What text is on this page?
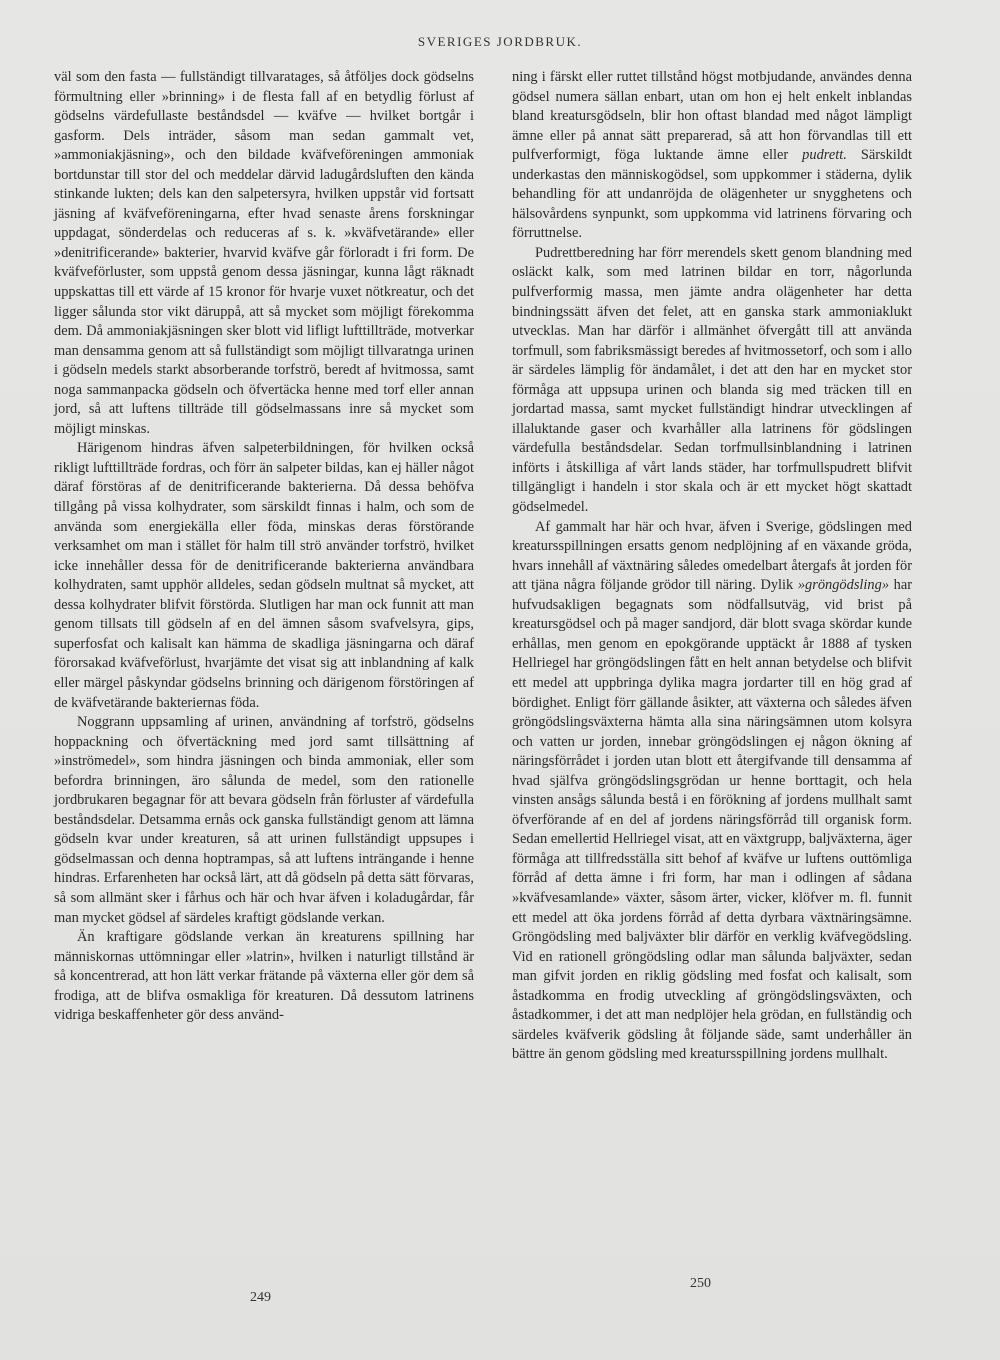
SVERIGES JORDBRUK.

väl som den fasta — fullständigt tillvaratages, så åtföljes dock gödselns förmultning eller »brinning» i de flesta fall af en betydlig förlust af gödselns värdefullaste beståndsdel — kväfve — hvilket bortgår i gasform. Dels inträder, såsom man sedan gammalt vet, »ammoniakjäsning», och den bildade kväfveföreningen ammoniak bortdunstar till stor del och meddelar därvid ladugårdsluften den kända stinkande lukten; dels kan den salpetersyra, hvilken uppstår vid fortsatt jäsning af kväfveföreningarna, efter hvad senaste årens forskningar uppdagat, sönderdelas och reduceras af s. k. »kväfvetärande» eller »denitrificerande» bakterier, hvarvid kväfve går förloradt i fri form. De kväfveförluster, som uppstå genom dessa jäsningar, kunna lågt räknadt uppskattas till ett värde af 15 kronor för hvarje vuxet nötkreatur, och det ligger sålunda stor vikt däruppå, att så mycket som möjligt förekomma dem. Då ammoniakjäsningen sker blott vid lifligt lufttillträde, motverkar man densamma genom att så fullständigt som möjligt tillvaratnga urinen i gödseln medels starkt absorberande torfströ, beredt af hvitmossa, samt noga sammanpacka gödseln och öfvertäcka henne med torf eller annan jord, så att luftens tillträde till gödselmassans inre så mycket som möjligt minskas.

Härigenom hindras äfven salpeterbildningen, för hvilken också rikligt lufttillträde fordras, och förr än salpeter bildas, kan ej häller något däraf förstöras af de denitrificerande bakterierna. Då dessa behöfva tillgång på vissa kolhydrater, som särskildt finnas i halm, och som de använda som energiekälla eller föda, minskas deras förstörande verksamhet om man i stället för halm till strö använder torfströ, hvilket icke innehåller dessa för de denitrificerande bakterierna användbara kolhydraten, samt upphör alldeles, sedan gödseln multnat så mycket, att dessa kolhydrater blifvit förstörda. Slutligen har man ock funnit att man genom tillsats till gödseln af en del ämnen såsom svafvelsyra, gips, superfosfat och kalisalt kan hämma de skadliga jäsningarna och däraf förorsakad kväfveförlust, hvarjämte det visat sig att inblandning af kalk eller märgel påskyndar gödselns brinning och därigenom förstöringen af de kväfvetärande bakteriernas föda.

Noggrann uppsamling af urinen, användning af torfströ, gödselns hoppackning och öfvertäckning med jord samt tillsättning af »inströmedel», som hindra jäsningen och binda ammoniak, eller som befordra brinningen, äro sålunda de medel, som den rationelle jordbrukaren begagnar för att bevara gödseln från förluster af värdefulla beståndsdelar. Detsamma ernås ock ganska fullständigt genom att lämna gödseln kvar under kreaturen, så att urinen fullständigt uppsupes i gödselmassan och denna hoptrampas, så att luftens inträngande i henne hindras. Erfarenheten har också lärt, att då gödseln på detta sätt förvaras, så som allmänt sker i fårhus och här och hvar äfven i koladugårdar, får man mycket gödsel af särdeles kraftigt gödslande verkan.

Än kraftigare gödslande verkan än kreaturens spillning har människornas uttömningar eller »latrin», hvilken i naturligt tillstånd är så koncentrerad, att hon lätt verkar frätande på växterna eller gör dem så frodiga, att de blifva osmakliga för kreaturen. Då dessutom latrinens vidriga beskaffenheter gör dess använd-

ning i färskt eller ruttet tillstånd högst motbjudande, användes denna gödsel numera sällan enbart, utan om hon ej helt enkelt inblandas bland kreatursgödseln, blir hon oftast blandad med något lämpligt ämne eller på annat sätt preparerad, så att hon förvandlas till ett pulfverformigt, föga luktande ämne eller pudrett. Särskildt underkastas den människogödsel, som uppkommer i städerna, dylik behandling för att undanröjda de olägenheter ur snygghetens och hälsovårdens synpunkt, som uppkomma vid latrinens förvaring och förruttnelse.

Pudrettberedning har förr merendels skett genom blandning med osläckt kalk, som med latrinen bildar en torr, någorlunda pulfverformig massa, men jämte andra olägenheter har detta bindningssätt äfven det felet, att en ganska stark ammoniaklukt utvecklas. Man har därför i allmänhet öfvergått till att använda torfmull, som fabriksmässigt beredes af hvitmossetorf, och som i allo är särdeles lämplig för ändamålet, i det att den har en mycket stor förmåga att uppsupa urinen och blanda sig med träcken till en jordartad massa, samt mycket fullständigt hindrar utvecklingen af illaluktande gaser och kvarhåller alla latrinens för gödslingen värdefulla beståndsdelar. Sedan torfmullsinblandning i latrinen införts i åtskilliga af vårt lands städer, har torfmullspudrett blifvit tillgängligt i handeln i stor skala och är ett mycket högt skattadt gödselmedel.

Af gammalt har här och hvar, äfven i Sverige, gödslingen med kreatursspillningen ersatts genom nedplöjning af en växande gröda, hvars innehåll af växtnäring således omedelbart återgafs åt jorden för att tjäna några följande grödor till näring. Dylik »gröngödsling» har hufvudsakligen begagnats som nödfallsutväg, vid brist på kreatursgödsel och på mager sandjord, där blott svaga skördar kunde erhållas, men genom en epokgörande upptäckt år 1888 af tysken Hellriegel har gröngödslingen fått en helt annan betydelse och blifvit ett medel att uppbringa dylika magra jordarter till en hög grad af bördighet. Enligt förr gällande åsikter, att växterna och således äfven gröngödslingsväxterna hämta alla sina näringsämnen utom kolsyra och vatten ur jorden, innebar gröngödslingen ej någon ökning af näringsförrådet i jorden utan blott ett återgifvande till densamma af hvad själfva gröngödslingsgrödan ur henne borttagit, och hela vinsten ansågs sålunda bestå i en förökning af jordens mullhalt samt öfverförande af en del af jordens näringsförråd till organisk form. Sedan emellertid Hellriegel visat, att en växtgrupp, baljväxterna, äger förmåga att tillfredsställa sitt behof af kväfve ur luftens outtömliga förråd af detta ämne i fri form, har man i odlingen af sådana »kväfvesamlande» växter, såsom ärter, vicker, klöfver m. fl. funnit ett medel att öka jordens förråd af detta dyrbara växtnäringsämne. Gröngödsling med baljväxter blir därför en verklig kväfvegödsling. Vid en rationell gröngödsling odlar man sålunda baljväxter, sedan man gifvit jorden en riklig gödsling med fosfat och kalisalt, som åstadkomma en frodig utveckling af gröngödslingsväxten, och åstadkommer, i det att man nedplöjer hela grödan, en fullständig och särdeles kväfverik gödsling åt följande säde, samt underhåller än bättre än genom gödsling med kreatursspillning jordens mullhalt.

249
250
